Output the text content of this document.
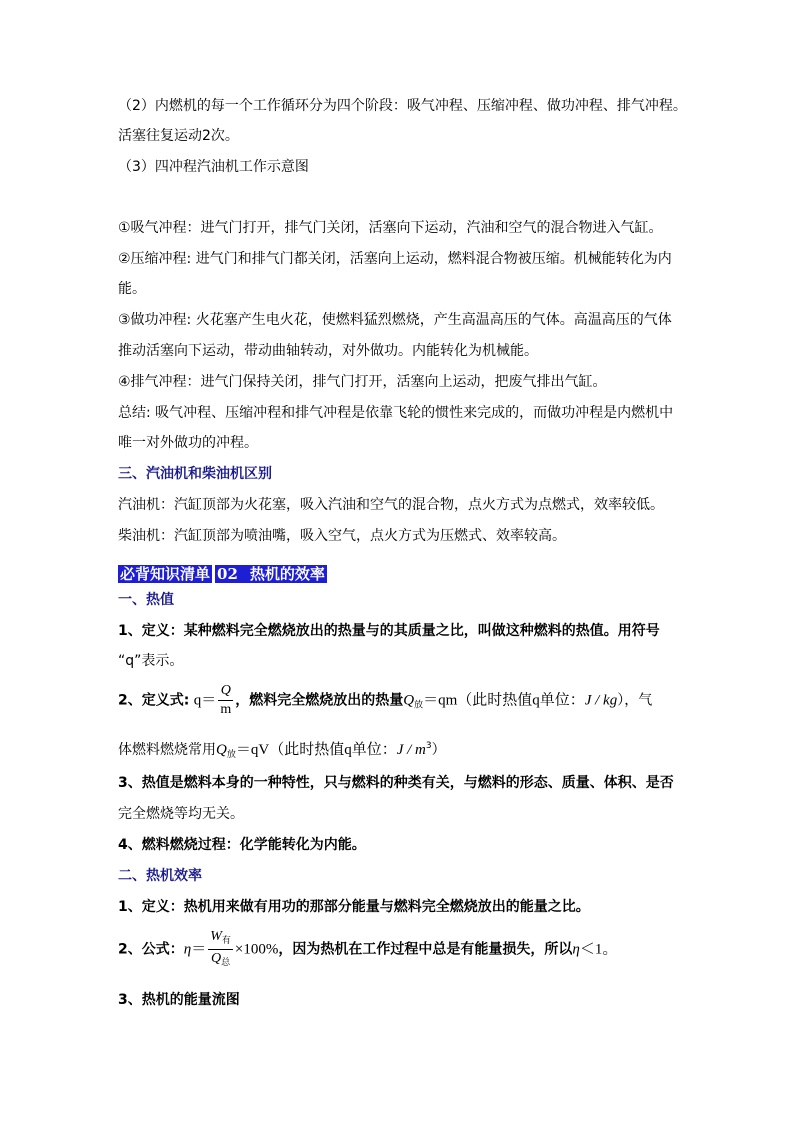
（2）内燃机的每一个工作循环分为四个阶段：吸气冲程、压缩冲程、做功冲程、排气冲程。
活塞往复运动2次。
（3）四冲程汽油机工作示意图
①吸气冲程：进气门打开，排气门关闭，活塞向下运动，汽油和空气的混合物进入气缸。
②压缩冲程: 进气门和排气门都关闭，活塞向上运动，燃料混合物被压缩。机械能转化为内
能。
③做功冲程: 火花塞产生电火花，使燃料猛烈燃烧，产生高温高压的气体。高温高压的气体
推动活塞向下运动，带动曲轴转动，对外做功。内能转化为机械能。
④排气冲程：进气门保持关闭，排气门打开，活塞向上运动，把废气排出气缸。
总结: 吸气冲程、压缩冲程和排气冲程是依靠飞轮的惯性来完成的，而做功冲程是内燃机中
唯一对外做功的冲程。
三、汽油机和柴油机区别
汽油机：汽缸顶部为火花塞，吸入汽油和空气的混合物，点火方式为点燃式，效率较低。
柴油机：汽缸顶部为喷油嘴，吸入空气，点火方式为压燃式、效率较高。
必背知识清单 02 热机的效率
一、热值
1、定义：某种燃料完全燃烧放出的热量与的其质量之比，叫做这种燃料的热值。用符号
“q”表示。
2、定义式: $q= \frac{Q}{m}$ ，燃料完全燃烧放出的热量$Q_放=qm$（此时热值q单位：J / kg），气
体燃料燃烧常用$Q_放=qV$（此时热值q单位：J / $m^3$）
3、热值是燃料本身的一种特性，只与燃料的种类有关，与燃料的形态、质量、体积、是否
完全燃烧等均无关。
4、燃料燃烧过程：化学能转化为内能。
二、热机效率
1、定义：热机用来做有用功的那部分能量与燃料完全燃烧放出的能量之比。
2、公式：$\eta= \frac{W_有}{Q_总} \times 100\%$，因为热机在工作过程中总是有能量损失，所以η＜1。
3、热机的能量流图
